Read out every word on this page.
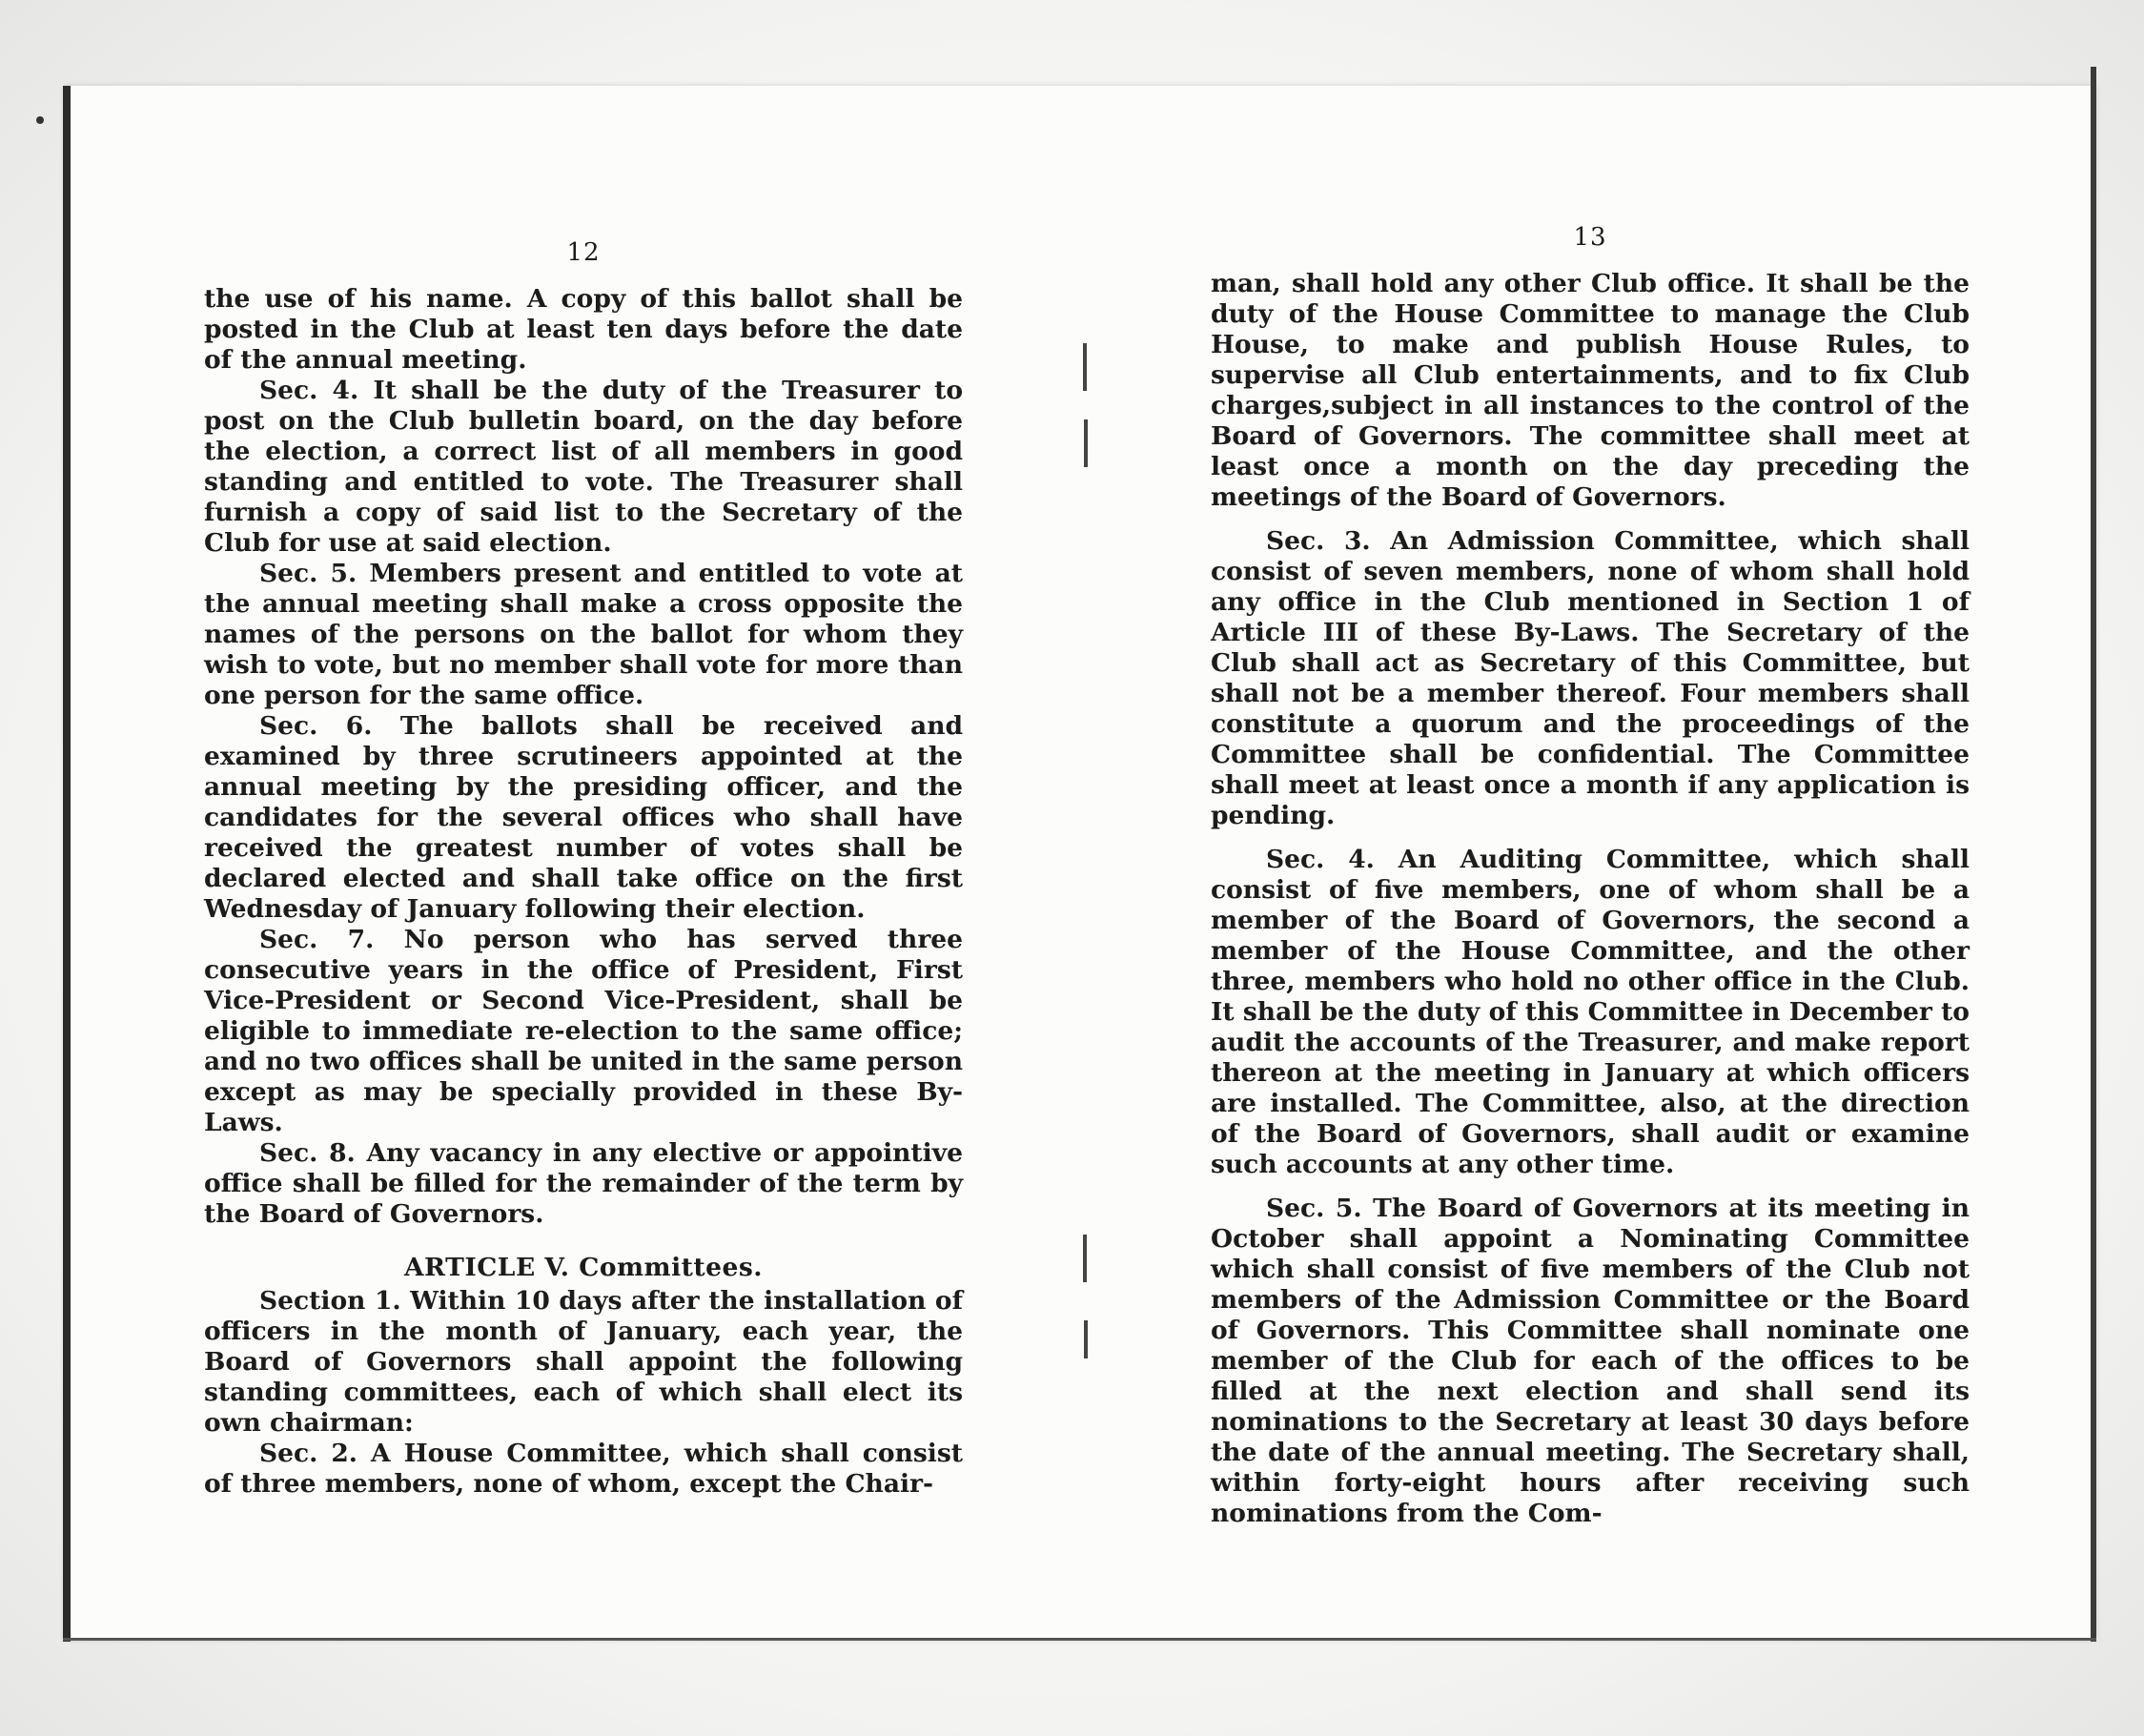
12

the use of his name. A copy of this ballot shall be posted in the Club at least ten days before the date of the annual meeting.

Sec. 4. It shall be the duty of the Treasurer to post on the Club bulletin board, on the day before the election, a correct list of all members in good standing and entitled to vote. The Treasurer shall furnish a copy of said list to the Secretary of the Club for use at said election.

Sec. 5. Members present and entitled to vote at the annual meeting shall make a cross opposite the names of the persons on the ballot for whom they wish to vote, but no member shall vote for more than one person for the same office.

Sec. 6. The ballots shall be received and examined by three scrutineers appointed at the annual meeting by the presiding officer, and the candidates for the several offices who shall have received the greatest number of votes shall be declared elected and shall take office on the first Wednesday of January following their election.

Sec. 7. No person who has served three consecutive years in the office of President, First Vice-President or Second Vice-President, shall be eligible to immediate re-election to the same office; and no two offices shall be united in the same person except as may be specially provided in these By-Laws.

Sec. 8. Any vacancy in any elective or appointive office shall be filled for the remainder of the term by the Board of Governors.

ARTICLE V. Committees.

Section 1. Within 10 days after the installation of officers in the month of January, each year, the Board of Governors shall appoint the following standing committees, each of which shall elect its own chairman:

Sec. 2. A House Committee, which shall consist of three members, none of whom, except the Chair-

13

man, shall hold any other Club office. It shall be the duty of the House Committee to manage the Club House, to make and publish House Rules, to supervise all Club entertainments, and to fix Club charges,subject in all instances to the control of the Board of Governors. The committee shall meet at least once a month on the day preceding the meetings of the Board of Governors.

Sec. 3. An Admission Committee, which shall consist of seven members, none of whom shall hold any office in the Club mentioned in Section 1 of Article III of these By-Laws. The Secretary of the Club shall act as Secretary of this Committee, but shall not be a member thereof. Four members shall constitute a quorum and the proceedings of the Committee shall be confidential. The Committee shall meet at least once a month if any application is pending.

Sec. 4. An Auditing Committee, which shall consist of five members, one of whom shall be a member of the Board of Governors, the second a member of the House Committee, and the other three, members who hold no other office in the Club. It shall be the duty of this Committee in December to audit the accounts of the Treasurer, and make report thereon at the meeting in January at which officers are installed. The Committee, also, at the direction of the Board of Governors, shall audit or examine such accounts at any other time.

Sec. 5. The Board of Governors at its meeting in October shall appoint a Nominating Committee which shall consist of five members of the Club not members of the Admission Committee or the Board of Governors. This Committee shall nominate one member of the Club for each of the offices to be filled at the next election and shall send its nominations to the Secretary at least 30 days before the date of the annual meeting. The Secretary shall, within forty-eight hours after receiving such nominations from the Com-
